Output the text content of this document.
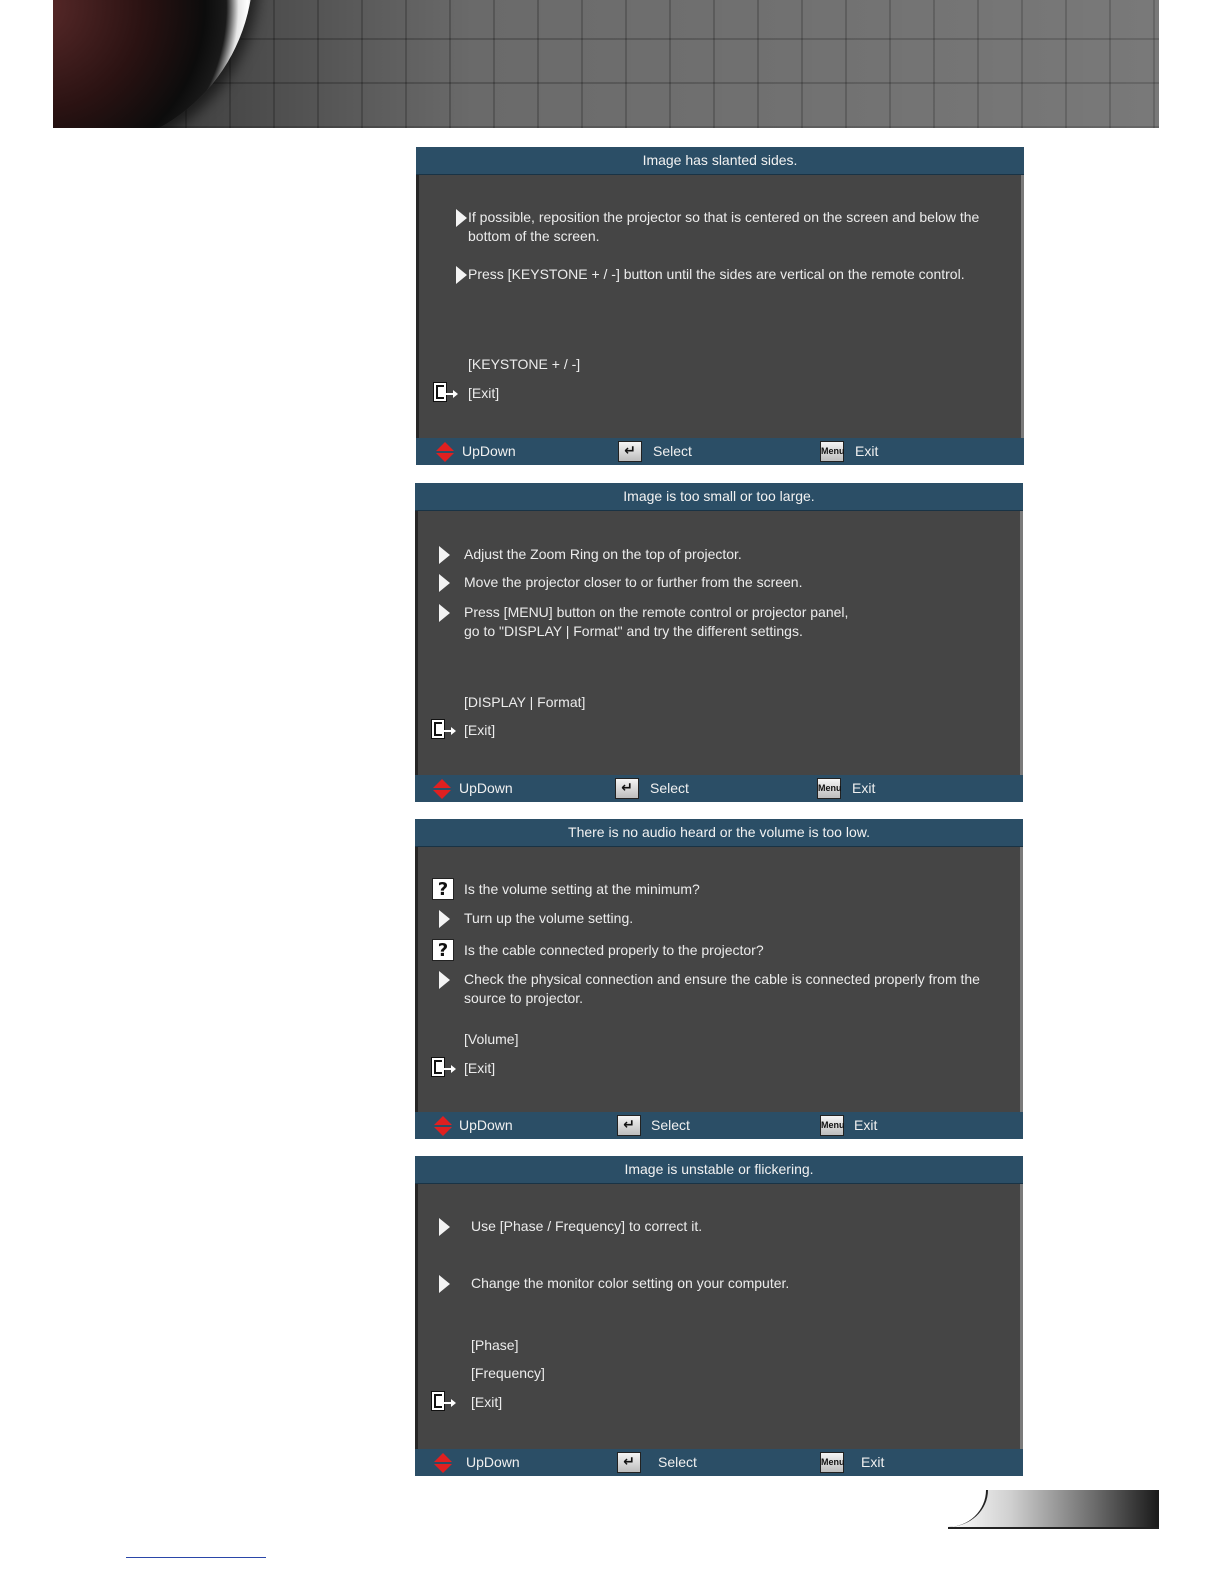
Image has slanted sides.
If possible, reposition the projector so that is centered on the screen and below the
bottom of the screen.
Press [KEYSTONE + / -] button until the sides are vertical on the remote control.
[KEYSTONE + / -]
[Exit]
UpDown	↵	Select	Menu Exit
Image is too small or too large.
Adjust the Zoom Ring on the top of projector.
Move the projector closer to or further from the screen.
Press [MENU] button on the remote control or projector panel,
go to "DISPLAY | Format" and try the different settings.
[DISPLAY | Format]
[Exit]
UpDown	↵	Select	Menu Exit
There is no audio heard or the volume is too low.
?	Is the volume setting at the minimum?
Turn up the volume setting.
?	Is the cable connected properly to the projector?
Check the physical connection and ensure the cable is connected properly from the
source to projector.
[Volume]
[Exit]
UpDown	↵	Select	Menu Exit
Image is unstable or flickering.
Use [Phase / Frequency] to correct it.
Change the monitor color setting on your computer.
[Phase]
[Frequency]
[Exit]
UpDown	↵	Select	Menu Exit
